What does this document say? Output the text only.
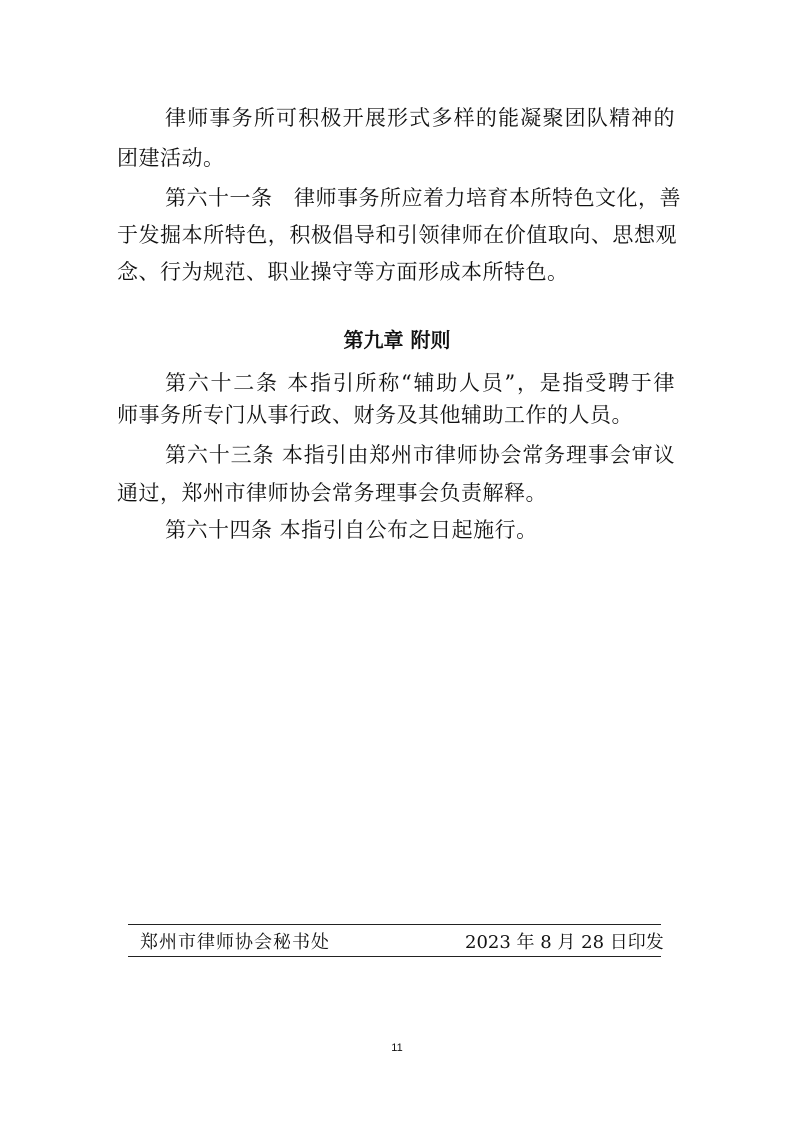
律师事务所可积极开展形式多样的能凝聚团队精神的
团建活动。
第六十一条　律师事务所应着力培育本所特色文化，善
于发掘本所特色，积极倡导和引领律师在价值取向、思想观
念、行为规范、职业操守等方面形成本所特色。
第九章 附则
第六十二条 本指引所称“辅助人员”，是指受聘于律
师事务所专门从事行政、财务及其他辅助工作的人员。
第六十三条 本指引由郑州市律师协会常务理事会审议
通过，郑州市律师协会常务理事会负责解释。
第六十四条 本指引自公布之日起施行。
郑州市律师协会秘书处	2023 年 8 月 28 日印发
11
